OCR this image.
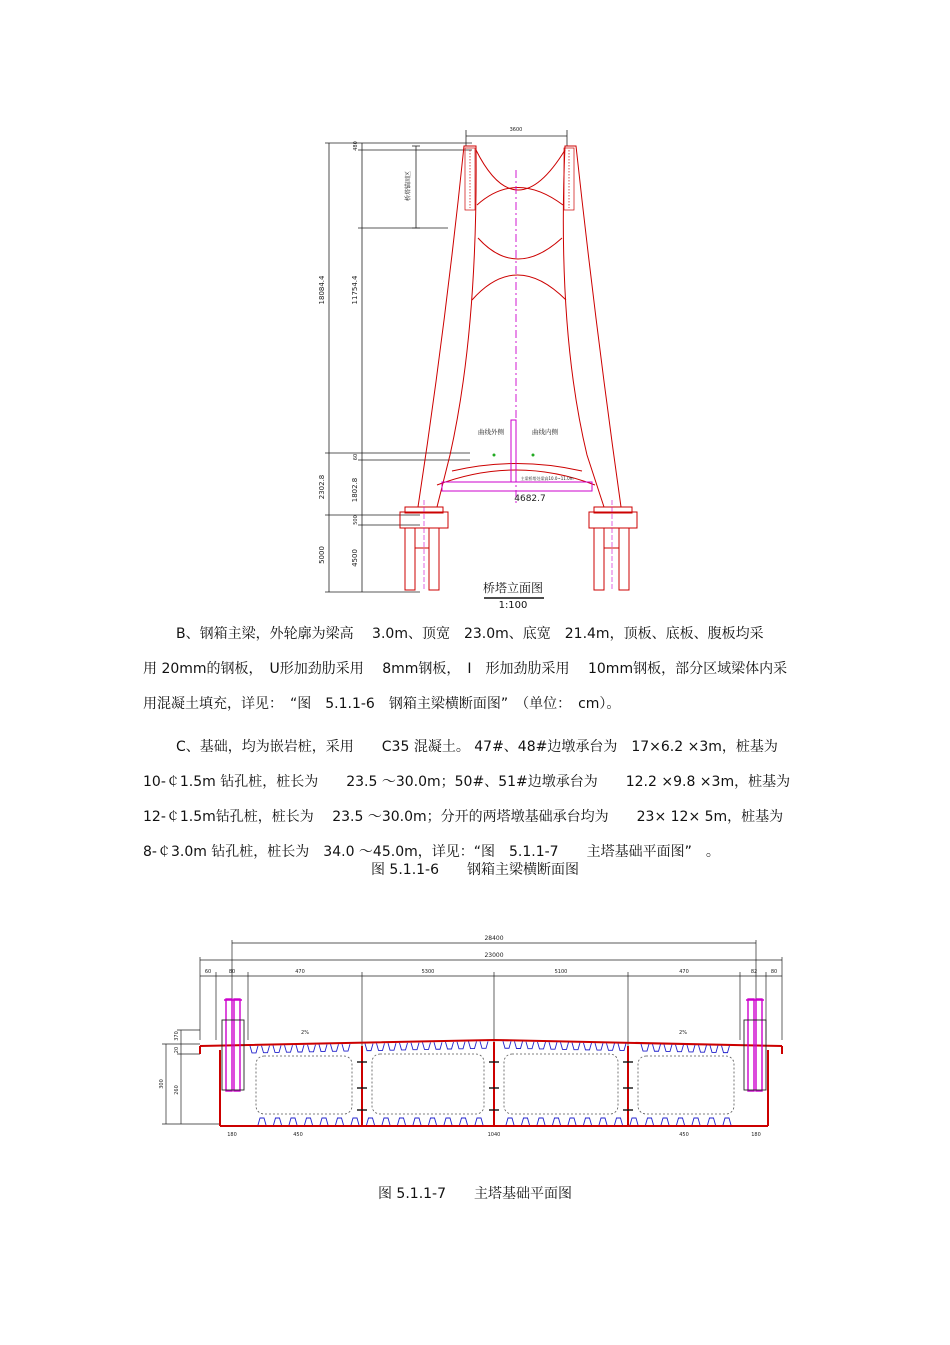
3600
18084.4	11754.4
480
60
2302.8	1802.8
500
5000	4500
桥塔锚固区
曲线外侧	曲线内侧
主梁桥塔处梁高10.0~11.0m
4682.7
桥塔立面图
1:100
B、钢箱主梁，外轮廓为梁高　 3.0m、顶宽　23.0m、底宽　21.4m，顶板、底板、腹板均采
用 20mm的钢板，　U形加劲肋采用　 8mm钢板，　I　形加劲肋采用　 10mm钢板，部分区域梁体内采
用混凝土填充，详见：　“图　5.1.1-6　钢箱主梁横断面图”　（单位：　cm）。
C、基础，均为嵌岩桩，采用　　C35 混凝土。 47#、48#边墩承台为　17×6.2 ×3m，桩基为
10-￠1.5m 钻孔桩，桩长为　　23.5 ～30.0m；50#、51#边墩承台为　　12.2 ×9.8 ×3m，桩基为
12-￠1.5m钻孔桩，桩长为　 23.5 ～30.0m；分开的两塔墩基础承台均为　　23× 12× 5m，桩基为
8-￠3.0m 钻孔桩，桩长为　34.0 ～45.0m，详见：“图　5.1.1-7　　主塔基础平面图”　。
图 5.1.1-6　　钢箱主梁横断面图
28400
23000
60	80	470	5300	5100	470	82	80
300
370
20
260
2%	2%
180	450	1040	450	180
图 5.1.1-7　　主塔基础平面图
